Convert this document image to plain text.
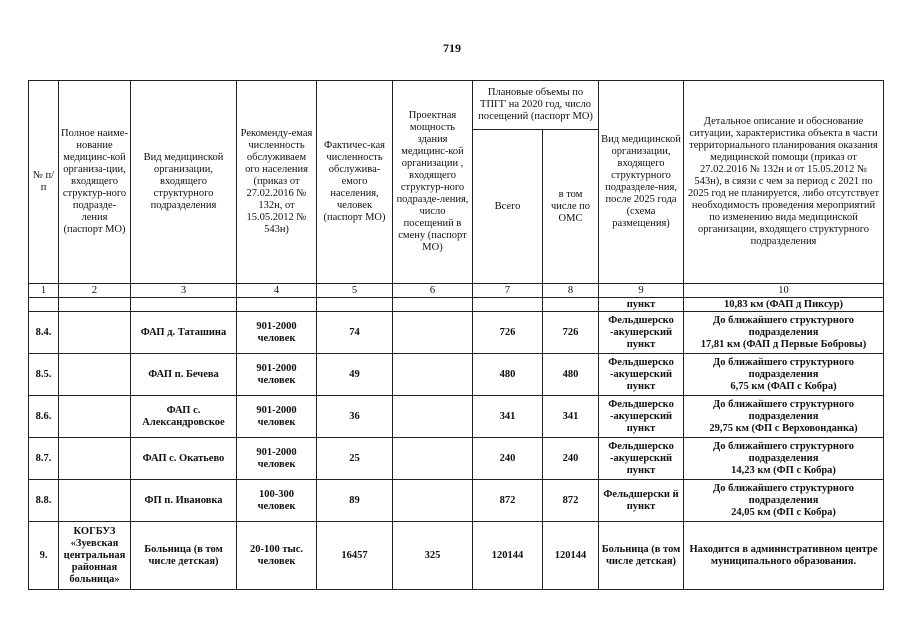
719
№ п/п	Полное наиме-нование медицинс-кой организа-ции, входящего структур-ного подразде-ления (паспорт МО)	Вид медицинской организации, входящего структурного подразделения	Рекоменду-емая численность обслуживаем ого населения (приказ от 27.02.2016 № 132н, от 15.05.2012 № 543н)	Фактичес-кая численность обслужива-емого населения, человек (паспорт МО)	Проектная мощность здания медицинс-кой организации , входящего структур-ного подразде-ления, число посещений в смену (паспорт МО)	Плановые объемы по ТПГГ на 2020 год, число посещений (паспорт МО)		Вид медицинской организации, входящего структурного подразделе-ния, после 2025 года (схема размещения)	Детальное описание и обоснование ситуации, характеристика объекта в части территориального планирования оказания медицинской помощи (приказ от 27.02.2016 № 132н и от 15.05.2012 № 543н), в связи с чем за период с 2021 по 2025 год не планируется, либо отсутствует необходимость проведения мероприятий по изменению вида медицинской организации, входящего структурного подразделения
						Всего	в том числе по ОМС		
1	2	3	4	5	6	7	8	9	10
								пункт	10,83 км (ФАП д Пиксур)
8.4.		ФАП д. Таташина	901-2000 человек	74		726	726	Фельдшерско -акушерский пункт	До ближайшего структурного
подразделения
17,81 км (ФАП д Первые Бобровы)

8.5.		ФАП п. Бечева	901-2000 человек	49		480	480	Фельдшерско -акушерский пункт	До ближайшего структурного
подразделения
6,75 км (ФАП с Кобра)

8.6.		ФАП с. Александровское	901-2000 человек	36		341	341	Фельдшерско -акушерский пункт	До ближайшего структурного
подразделения
29,75 км (ФП с Верховонданка)

8.7.		ФАП с. Окатьево	901-2000 человек	25		240	240	Фельдшерско -акушерский пункт	До ближайшего структурного
подразделения
14,23 км (ФП с Кобра)

8.8.		ФП п. Ивановка	100-300 человек	89		872	872	Фельдшерски й пункт	До ближайшего структурного
подразделения
24,05 км (ФП с Кобра)

9.	КОГБУЗ «Зуевская центральная районная больница»	Больница (в том числе детская)	20-100 тыс. человек	16457	325	120144	120144	Больница (в том числе детская)	Находится в административном центре муниципального образования.
